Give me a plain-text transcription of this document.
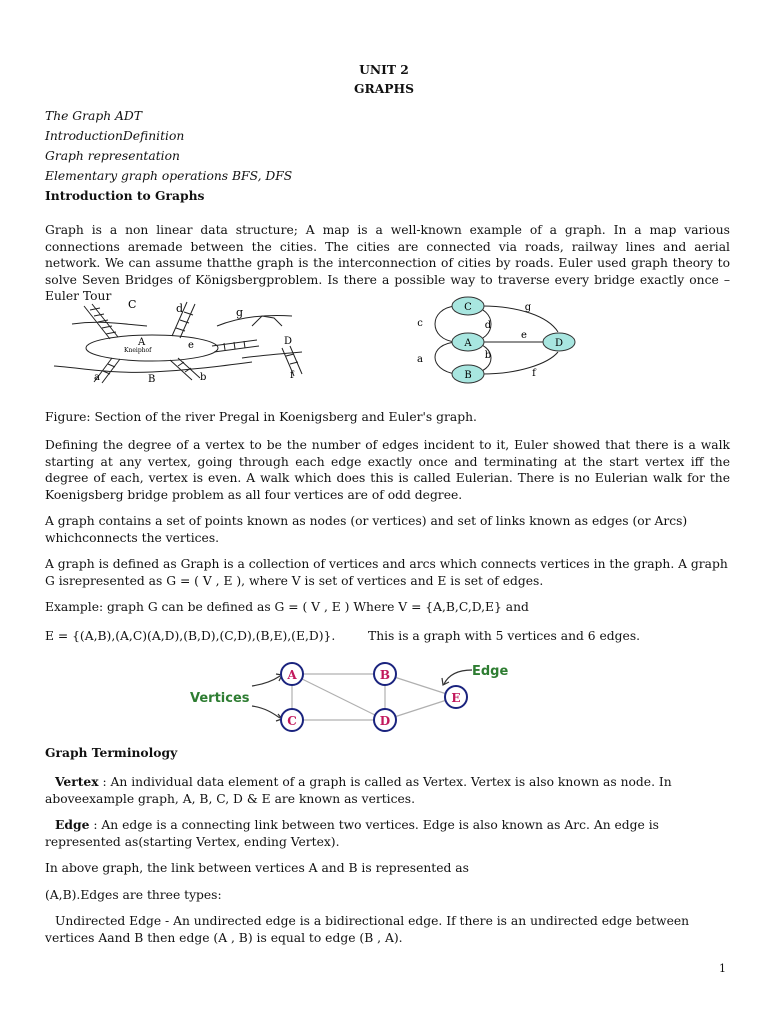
UNIT 2
GRAPHS
The Graph ADT
IntroductionDefinition
Graph representation
Elementary graph operations BFS, DFS
Introduction to Graphs
Graph is a non linear data structure; A map is a well-known example of a graph. In a map various connections aremade between the cities. The cities are connected via roads, railway lines and aerial network. We can assume thatthe graph is the interconnection of cities by roads. Euler used graph theory to solve Seven Bridges of Königsbergproblem. Is there a possible way to traverse every bridge exactly once – Euler Tour
C	d	g
Kneiphof
A	e	D
a	B	b	f
C
A
B
D
g
c	d
e
a	b
f
Figure: Section of the river Pregal in Koenigsberg and Euler's graph.
Defining the degree of a vertex to be the number of edges incident to it, Euler showed that there is a walk starting at any vertex, going through each edge exactly once and terminating at the start vertex iff the degree of each, vertex is even. A walk which does this is called Eulerian. There is no Eulerian walk for the Koenigsberg bridge problem as all four vertices are of odd degree.
A graph contains a set of points known as nodes (or vertices) and set of links known as edges (or Arcs) whichconnects the vertices.
A graph is defined as Graph is a collection of vertices and arcs which connects vertices in the graph. A graph G isrepresented as G = ( V , E ), where V is set of vertices and E is set of edges.
Example: graph G can be defined as G = ( V , E ) Where V = {A,B,C,D,E} and
E = {(A,B),(A,C)(A,D),(B,D),(C,D),(B,E),(E,D)}.	This is a graph with 5 vertices and 6 edges.
A	B
C	D
E
Vertices
Edge
Graph Terminology
Vertex : An individual data element of a graph is called as Vertex. Vertex is also known as node. In aboveexample graph, A, B, C, D & E are known as vertices.
Edge : An edge is a connecting link between two vertices. Edge is also known as Arc. An edge is represented as(starting Vertex, ending Vertex).
In above graph, the link between vertices A and B is represented as
(A,B).Edges are three types:
Undirected Edge - An undirected edge is a bidirectional edge. If there is an undirected edge between vertices Aand B then edge (A , B) is equal to edge (B , A).
1
